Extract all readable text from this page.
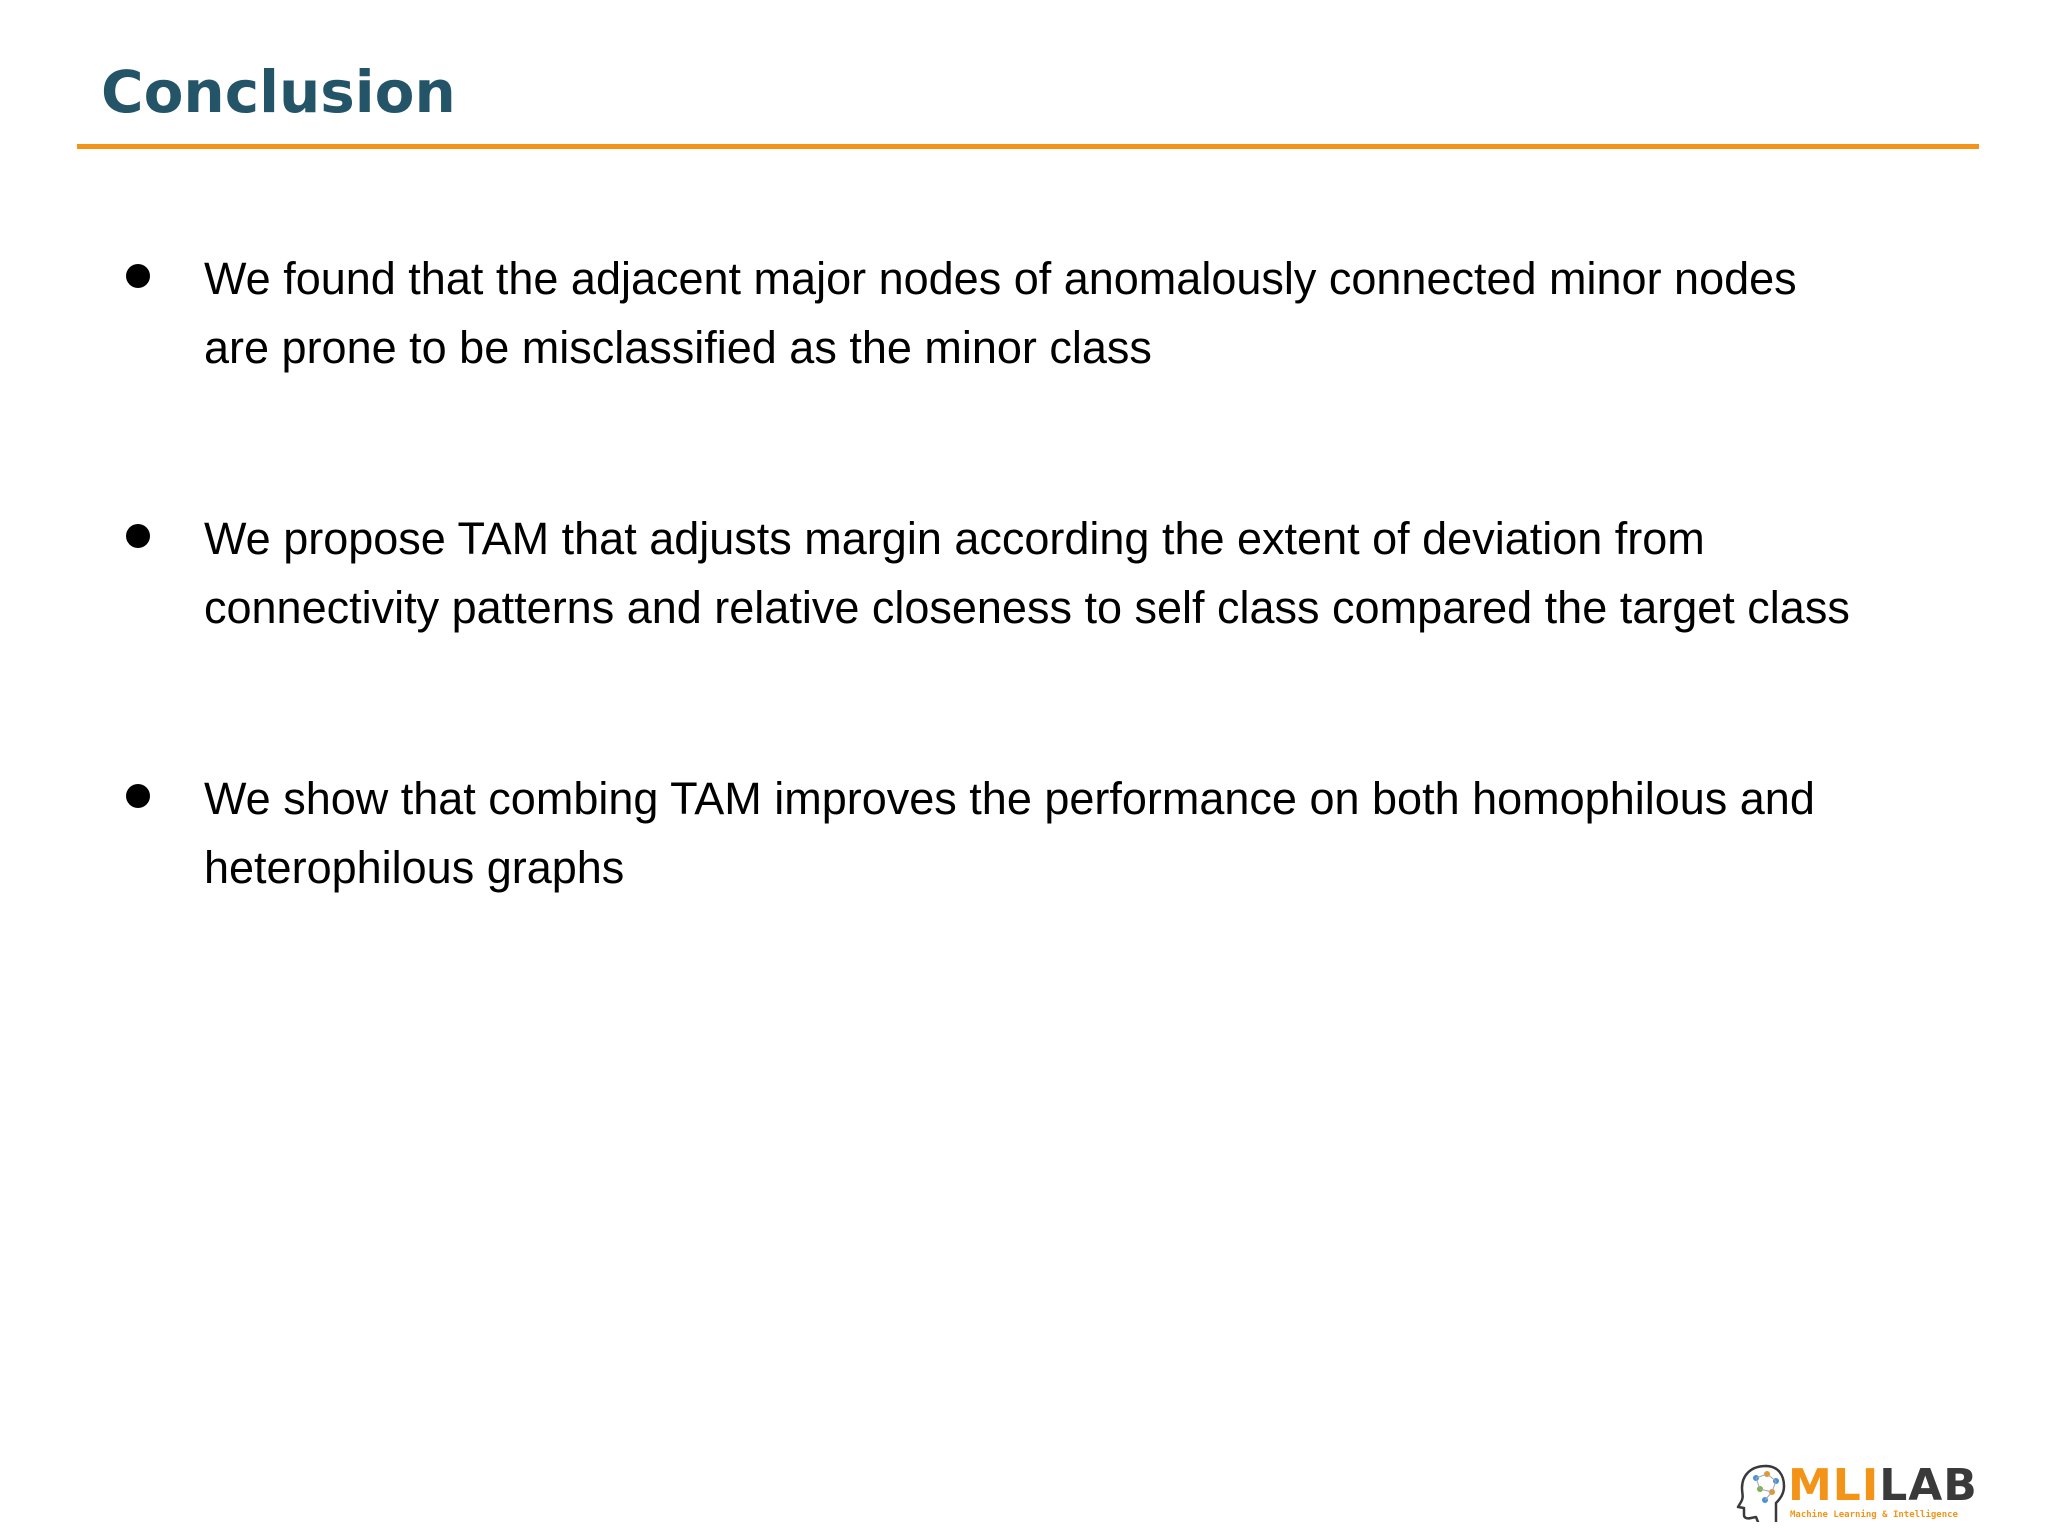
Conclusion
We found that the adjacent major nodes of anomalously connected minor nodes
are prone to be misclassified as the minor class
We propose TAM that adjusts margin according the extent of deviation from
connectivity patterns and relative closeness to self class compared the target class
We show that combing TAM improves the performance on both homophilous and
heterophilous graphs
MLILAB
Machine Learning & Intelligence
